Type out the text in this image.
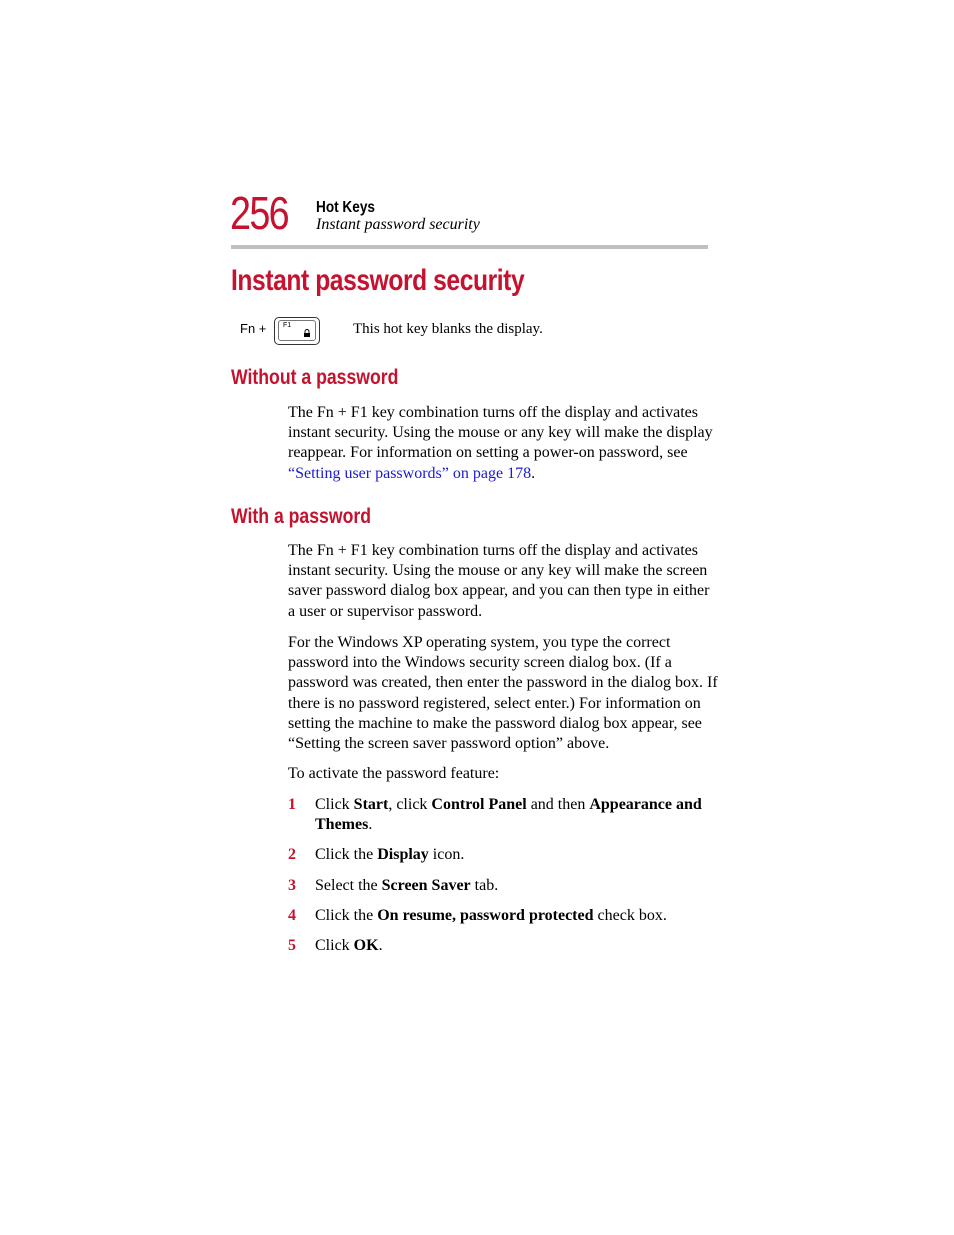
256 Hot Keys
Instant password security
Instant password security
Fn + F1	This hot key blanks the display.
Without a password
The Fn + F1 key combination turns off the display and activates
instant security. Using the mouse or any key will make the display
reappear. For information on setting a power-on password, see
“Setting user passwords” on page 178.
With a password
The Fn + F1 key combination turns off the display and activates
instant security. Using the mouse or any key will make the screen
saver password dialog box appear, and you can then type in either
a user or supervisor password.
For the Windows XP operating system, you type the correct
password into the Windows security screen dialog box. (If a
password was created, then enter the password in the dialog box. If
there is no password registered, select enter.) For information on
setting the machine to make the password dialog box appear, see
“Setting the screen saver password option” above.
To activate the password feature:
1 Click Start, click Control Panel and then Appearance and
Themes.
2 Click the Display icon.
3 Select the Screen Saver tab.
4 Click the On resume, password protected check box.
5 Click OK.
